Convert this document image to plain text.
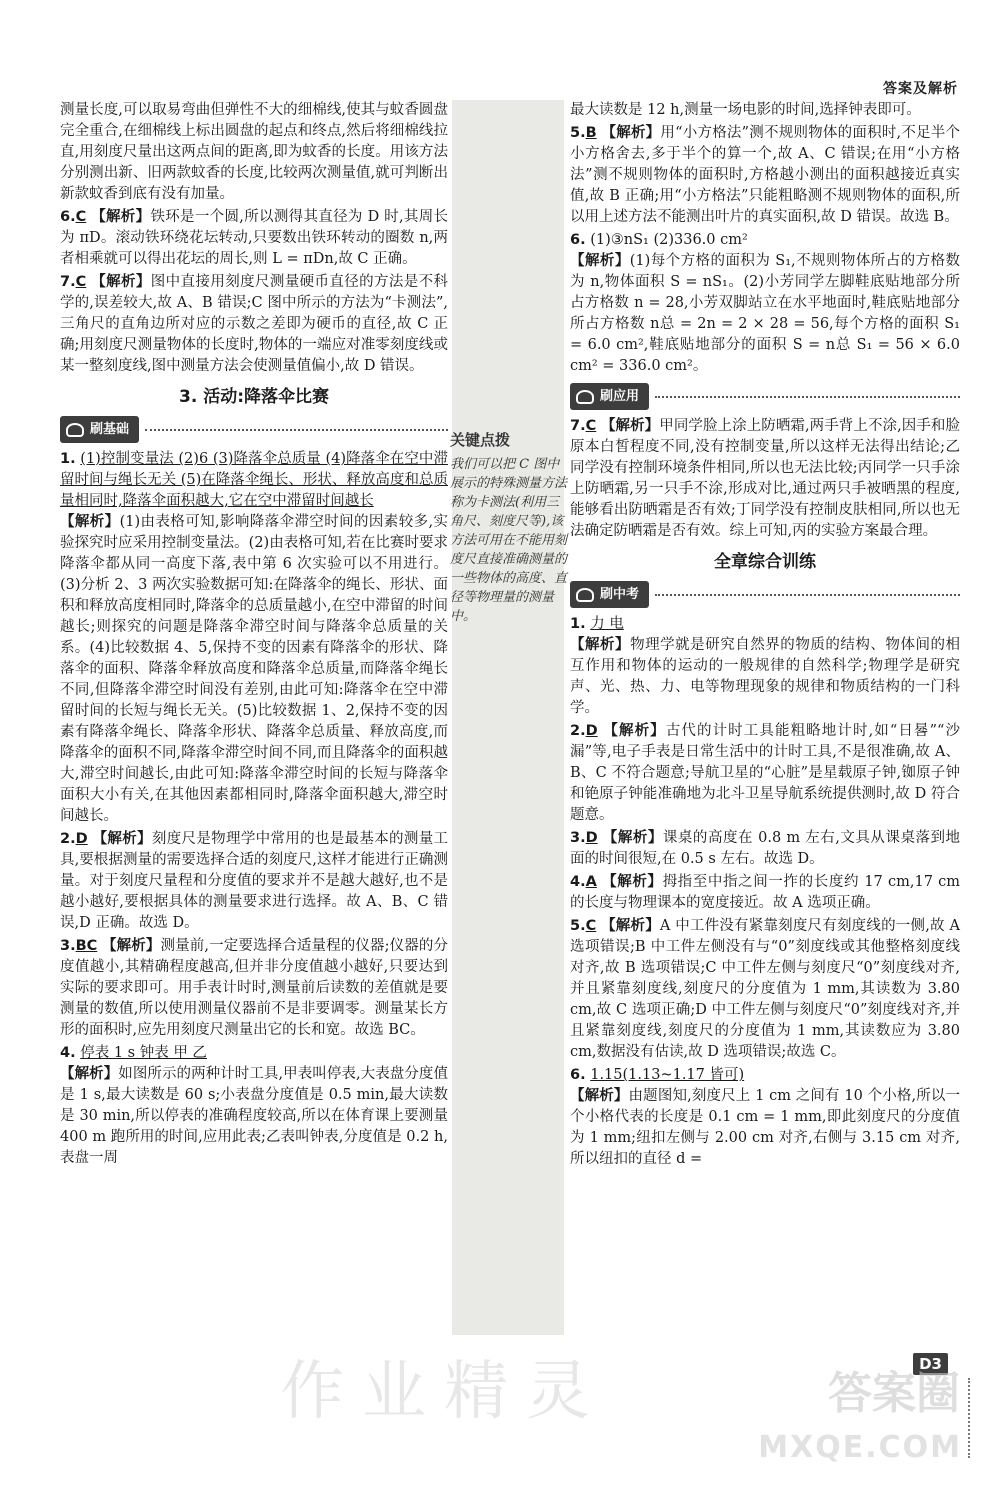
答案及解析

测量长度,可以取易弯曲但弹性不大的细棉线,使其与蚊香圆盘完全重合,在细棉线上标出圆盘的起点和终点,然后将细棉线拉直,用刻度尺量出这两点间的距离,即为蚊香的长度。用该方法分别测出新、旧两款蚊香的长度,比较两次测量值,就可判断出新款蚊香到底有没有加量。

6.C 【解析】铁环是一个圆,所以测得其直径为 D 时,其周长为 πD。滚动铁环绕花坛转动,只要数出铁环转动的圈数 n,两者相乘就可以得出花坛的周长,则 L = πDn,故 C 正确。

7.C 【解析】图中直接用刻度尺测量硬币直径的方法是不科学的,误差较大,故 A、B 错误;C 图中所示的方法为“卡测法”,三角尺的直角边所对应的示数之差即为硬币的直径,故 C 正确;用刻度尺测量物体的长度时,物体的一端应对准零刻度线或某一整刻度线,图中测量方法会使测量值偏小,故 D 错误。

3. 活动:降落伞比赛
刷基础

1. (1)控制变量法 (2)6 (3)降落伞总质量 (4)降落伞在空中滞留时间与绳长无关 (5)在降落伞绳长、形状、释放高度和总质量相同时,降落伞面积越大,它在空中滞留时间越长
【解析】(1)由表格可知,影响降落伞滞空时间的因素较多,实验探究时应采用控制变量法。(2)由表格可知,若在比赛时要求降落伞都从同一高度下落,表中第 6 次实验可以不用进行。(3)分析 2、3 两次实验数据可知:在降落伞的绳长、形状、面积和释放高度相同时,降落伞的总质量越小,在空中滞留的时间越长;则探究的问题是降落伞滞空时间与降落伞总质量的关系。(4)比较数据 4、5,保持不变的因素有降落伞的形状、降落伞的面积、降落伞释放高度和降落伞总质量,而降落伞绳长不同,但降落伞滞空时间没有差别,由此可知:降落伞在空中滞留时间的长短与绳长无关。(5)比较数据 1、2,保持不变的因素有降落伞绳长、降落伞形状、降落伞总质量、释放高度,而降落伞的面积不同,降落伞滞空时间不同,而且降落伞的面积越大,滞空时间越长,由此可知:降落伞滞空时间的长短与降落伞面积大小有关,在其他因素都相同时,降落伞面积越大,滞空时间越长。

2.D 【解析】刻度尺是物理学中常用的也是最基本的测量工具,要根据测量的需要选择合适的刻度尺,这样才能进行正确测量。对于刻度尺量程和分度值的要求并不是越大越好,也不是越小越好,要根据具体的测量要求进行选择。故 A、B、C 错误,D 正确。故选 D。

3.BC 【解析】测量前,一定要选择合适量程的仪器;仪器的分度值越小,其精确程度越高,但并非分度值越小越好,只要达到实际的要求即可。用手表计时时,测量前后读数的差值就是要测量的数值,所以使用测量仪器前不是非要调零。测量某长方形的面积时,应先用刻度尺测量出它的长和宽。故选 BC。

4. 停表 1 s 钟表 甲 乙
【解析】如图所示的两种计时工具,甲表叫停表,大表盘分度值是 1 s,最大读数是 60 s;小表盘分度值是 0.5 min,最大读数是 30 min,所以停表的准确程度较高,所以在体育课上要测量 400 m 跑所用的时间,应用此表;乙表叫钟表,分度值是 0.2 h,表盘一周

关键点拨
我们可以把 C 图中展示的特殊测量方法称为卡测法(利用三角尺、刻度尺等),该方法可用在不能用刻度尺直接准确测量的一些物体的高度、直径等物理量的测量中。

最大读数是 12 h,测量一场电影的时间,选择钟表即可。

5.B 【解析】用“小方格法”测不规则物体的面积时,不足半个小方格舍去,多于半个的算一个,故 A、C 错误;在用“小方格法”测不规则物体的面积时,方格越小测出的面积越接近真实值,故 B 正确;用“小方格法”只能粗略测不规则物体的面积,所以用上述方法不能测出叶片的真实面积,故 D 错误。故选 B。

6. (1)③nS₁ (2)336.0 cm²
【解析】(1)每个方格的面积为 S₁,不规则物体所占的方格数为 n,物体面积 S = nS₁。(2)小芳同学左脚鞋底贴地部分所占方格数 n = 28,小芳双脚站立在水平地面时,鞋底贴地部分所占方格数 n总 = 2n = 2 × 28 = 56,每个方格的面积 S₁ = 6.0 cm²,鞋底贴地部分的面积 S = n总 S₁ = 56 × 6.0 cm² = 336.0 cm²。

刷应用

7.C 【解析】甲同学脸上涂上防晒霜,两手背上不涂,因手和脸原本白皙程度不同,没有控制变量,所以这样无法得出结论;乙同学没有控制环境条件相同,所以也无法比较;丙同学一只手涂上防晒霜,另一只手不涂,形成对比,通过两只手被晒黑的程度,能够看出防晒霜是否有效;丁同学没有控制皮肤相同,所以也无法确定防晒霜是否有效。综上可知,丙的实验方案最合理。

全章综合训练
刷中考

1. 力 电
【解析】物理学就是研究自然界的物质的结构、物体间的相互作用和物体的运动的一般规律的自然科学;物理学是研究声、光、热、力、电等物理现象的规律和物质结构的一门科学。

2.D 【解析】古代的计时工具能粗略地计时,如“日晷”“沙漏”等,电子手表是日常生活中的计时工具,不是很准确,故 A、B、C 不符合题意;导航卫星的“心脏”是星载原子钟,铷原子钟和铯原子钟能准确地为北斗卫星导航系统提供测时,故 D 符合题意。

3.D 【解析】课桌的高度在 0.8 m 左右,文具从课桌落到地面的时间很短,在 0.5 s 左右。故选 D。

4.A 【解析】拇指至中指之间一拃的长度约 17 cm,17 cm 的长度与物理课本的宽度接近。故 A 选项正确。

5.C 【解析】A 中工件没有紧靠刻度尺有刻度线的一侧,故 A 选项错误;B 中工件左侧没有与“0”刻度线或其他整格刻度线对齐,故 B 选项错误;C 中工件左侧与刻度尺“0”刻度线对齐,并且紧靠刻度线,刻度尺的分度值为 1 mm,其读数为 3.80 cm,故 C 选项正确;D 中工件左侧与刻度尺“0”刻度线对齐,并且紧靠刻度线,刻度尺的分度值为 1 mm,其读数应为 3.80 cm,数据没有估读,故 D 选项错误;故选 C。

6. 1.15(1.13~1.17 皆可)
【解析】由题图知,刻度尺上 1 cm 之间有 10 个小格,所以一个小格代表的长度是 0.1 cm = 1 mm,即此刻度尺的分度值为 1 mm;纽扣左侧与 2.00 cm 对齐,右侧与 3.15 cm 对齐,所以纽扣的直径 d =

D3
作业精灵	答案圈
MXQE.COM
